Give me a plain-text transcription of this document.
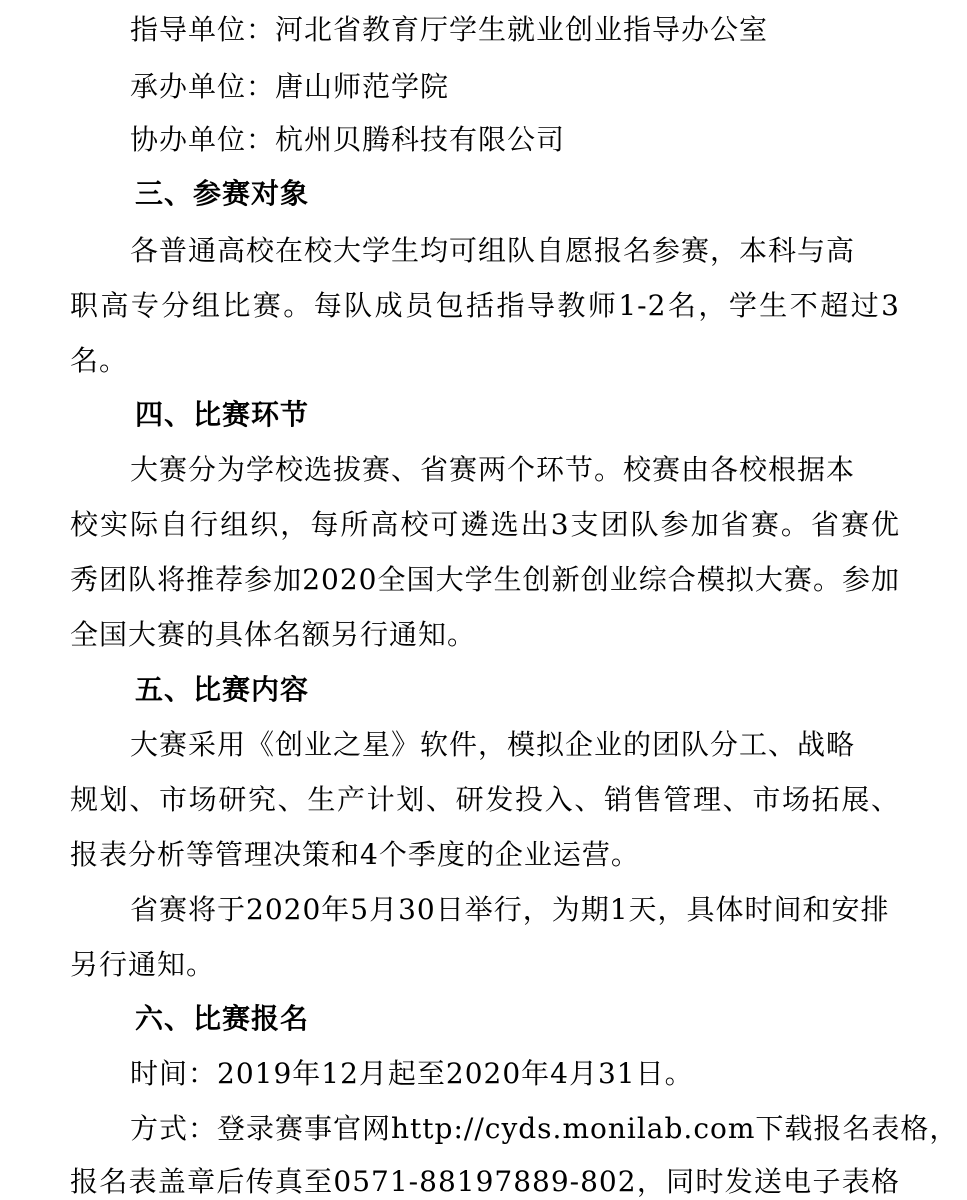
指导单位：河北省教育厅学生就业创业指导办公室
承办单位：唐山师范学院
协办单位：杭州贝腾科技有限公司
三、参赛对象
各普通高校在校大学生均可组队自愿报名参赛，本科与高
职高专分组比赛。每队成员包括指导教师1-2名，学生不超过3
名。
四、比赛环节
大赛分为学校选拔赛、省赛两个环节。校赛由各校根据本
校实际自行组织，每所高校可遴选出3支团队参加省赛。省赛优
秀团队将推荐参加2020全国大学生创新创业综合模拟大赛。参加
全国大赛的具体名额另行通知。
五、比赛内容
大赛采用《创业之星》软件，模拟企业的团队分工、战略
规划、市场研究、生产计划、研发投入、销售管理、市场拓展、
报表分析等管理决策和4个季度的企业运营。
省赛将于2020年5月30日举行，为期1天，具体时间和安排
另行通知。
六、比赛报名
时间：2019年12月起至2020年4月31日。
方式：登录赛事官网http://cyds.monilab.com下载报名表格，
报名表盖章后传真至0571-88197889-802，同时发送电子表格
